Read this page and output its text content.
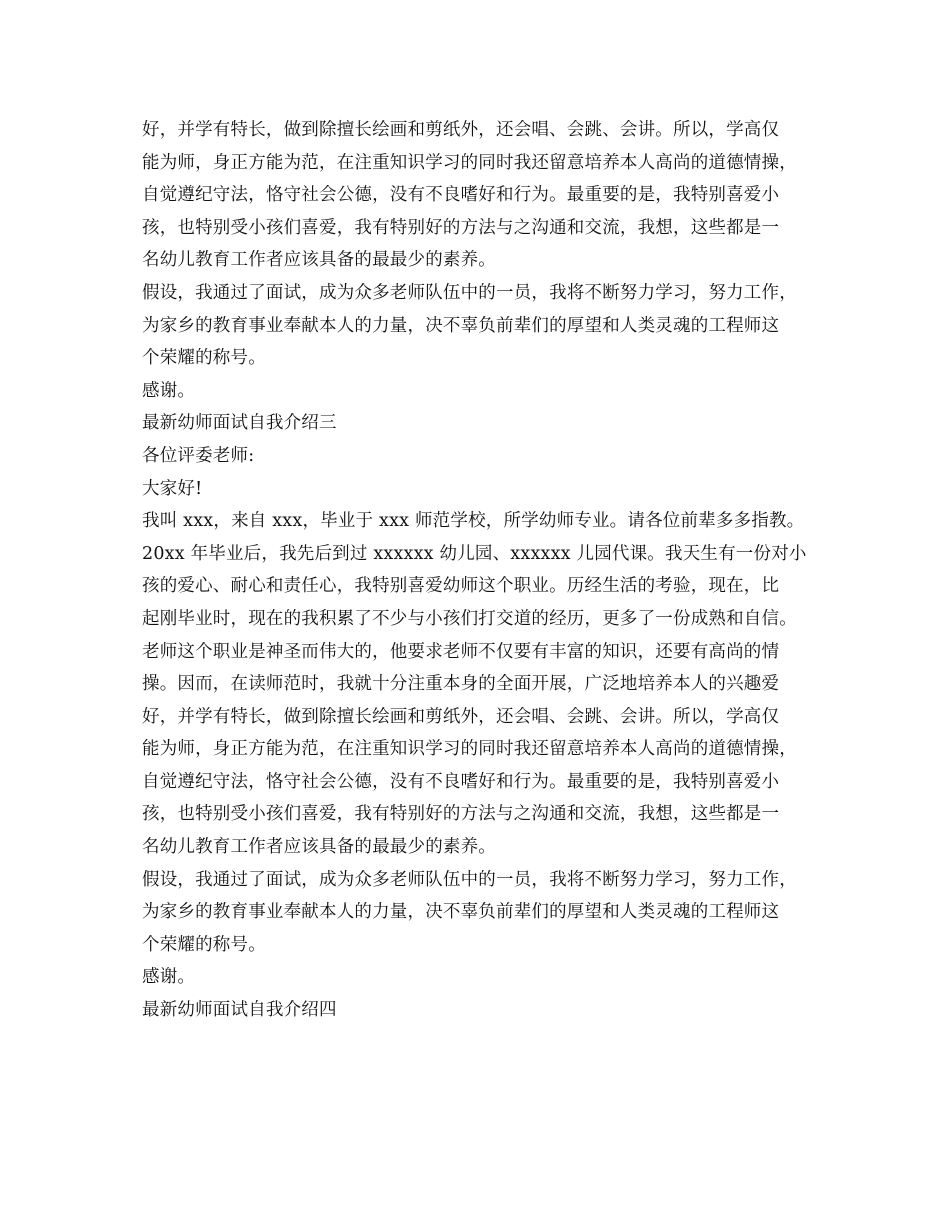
好，并学有特长，做到除擅长绘画和剪纸外，还会唱、会跳、会讲。所以，学高仅
能为师，身正方能为范，在注重知识学习的同时我还留意培养本人高尚的道德情操，
自觉遵纪守法，恪守社会公德，没有不良嗜好和行为。最重要的是，我特别喜爱小
孩，也特别受小孩们喜爱，我有特别好的方法与之沟通和交流，我想，这些都是一
名幼儿教育工作者应该具备的最最少的素养。
假设，我通过了面试，成为众多老师队伍中的一员，我将不断努力学习，努力工作，
为家乡的教育事业奉献本人的力量，决不辜负前辈们的厚望和人类灵魂的工程师这
个荣耀的称号。
感谢。
最新幼师面试自我介绍三
各位评委老师:
大家好!
我叫 xxx，来自 xxx，毕业于 xxx 师范学校，所学幼师专业。请各位前辈多多指教。
20xx 年毕业后，我先后到过 xxxxxx 幼儿园、xxxxxx 儿园代课。我天生有一份对小
孩的爱心、耐心和责任心，我特别喜爱幼师这个职业。历经生活的考验，现在，比
起刚毕业时，现在的我积累了不少与小孩们打交道的经历，更多了一份成熟和自信。
老师这个职业是神圣而伟大的，他要求老师不仅要有丰富的知识，还要有高尚的情
操。因而，在读师范时，我就十分注重本身的全面开展，广泛地培养本人的兴趣爱
好，并学有特长，做到除擅长绘画和剪纸外，还会唱、会跳、会讲。所以，学高仅
能为师，身正方能为范，在注重知识学习的同时我还留意培养本人高尚的道德情操，
自觉遵纪守法，恪守社会公德，没有不良嗜好和行为。最重要的是，我特别喜爱小
孩，也特别受小孩们喜爱，我有特别好的方法与之沟通和交流，我想，这些都是一
名幼儿教育工作者应该具备的最最少的素养。
假设，我通过了面试，成为众多老师队伍中的一员，我将不断努力学习，努力工作，
为家乡的教育事业奉献本人的力量，决不辜负前辈们的厚望和人类灵魂的工程师这
个荣耀的称号。
感谢。
最新幼师面试自我介绍四
